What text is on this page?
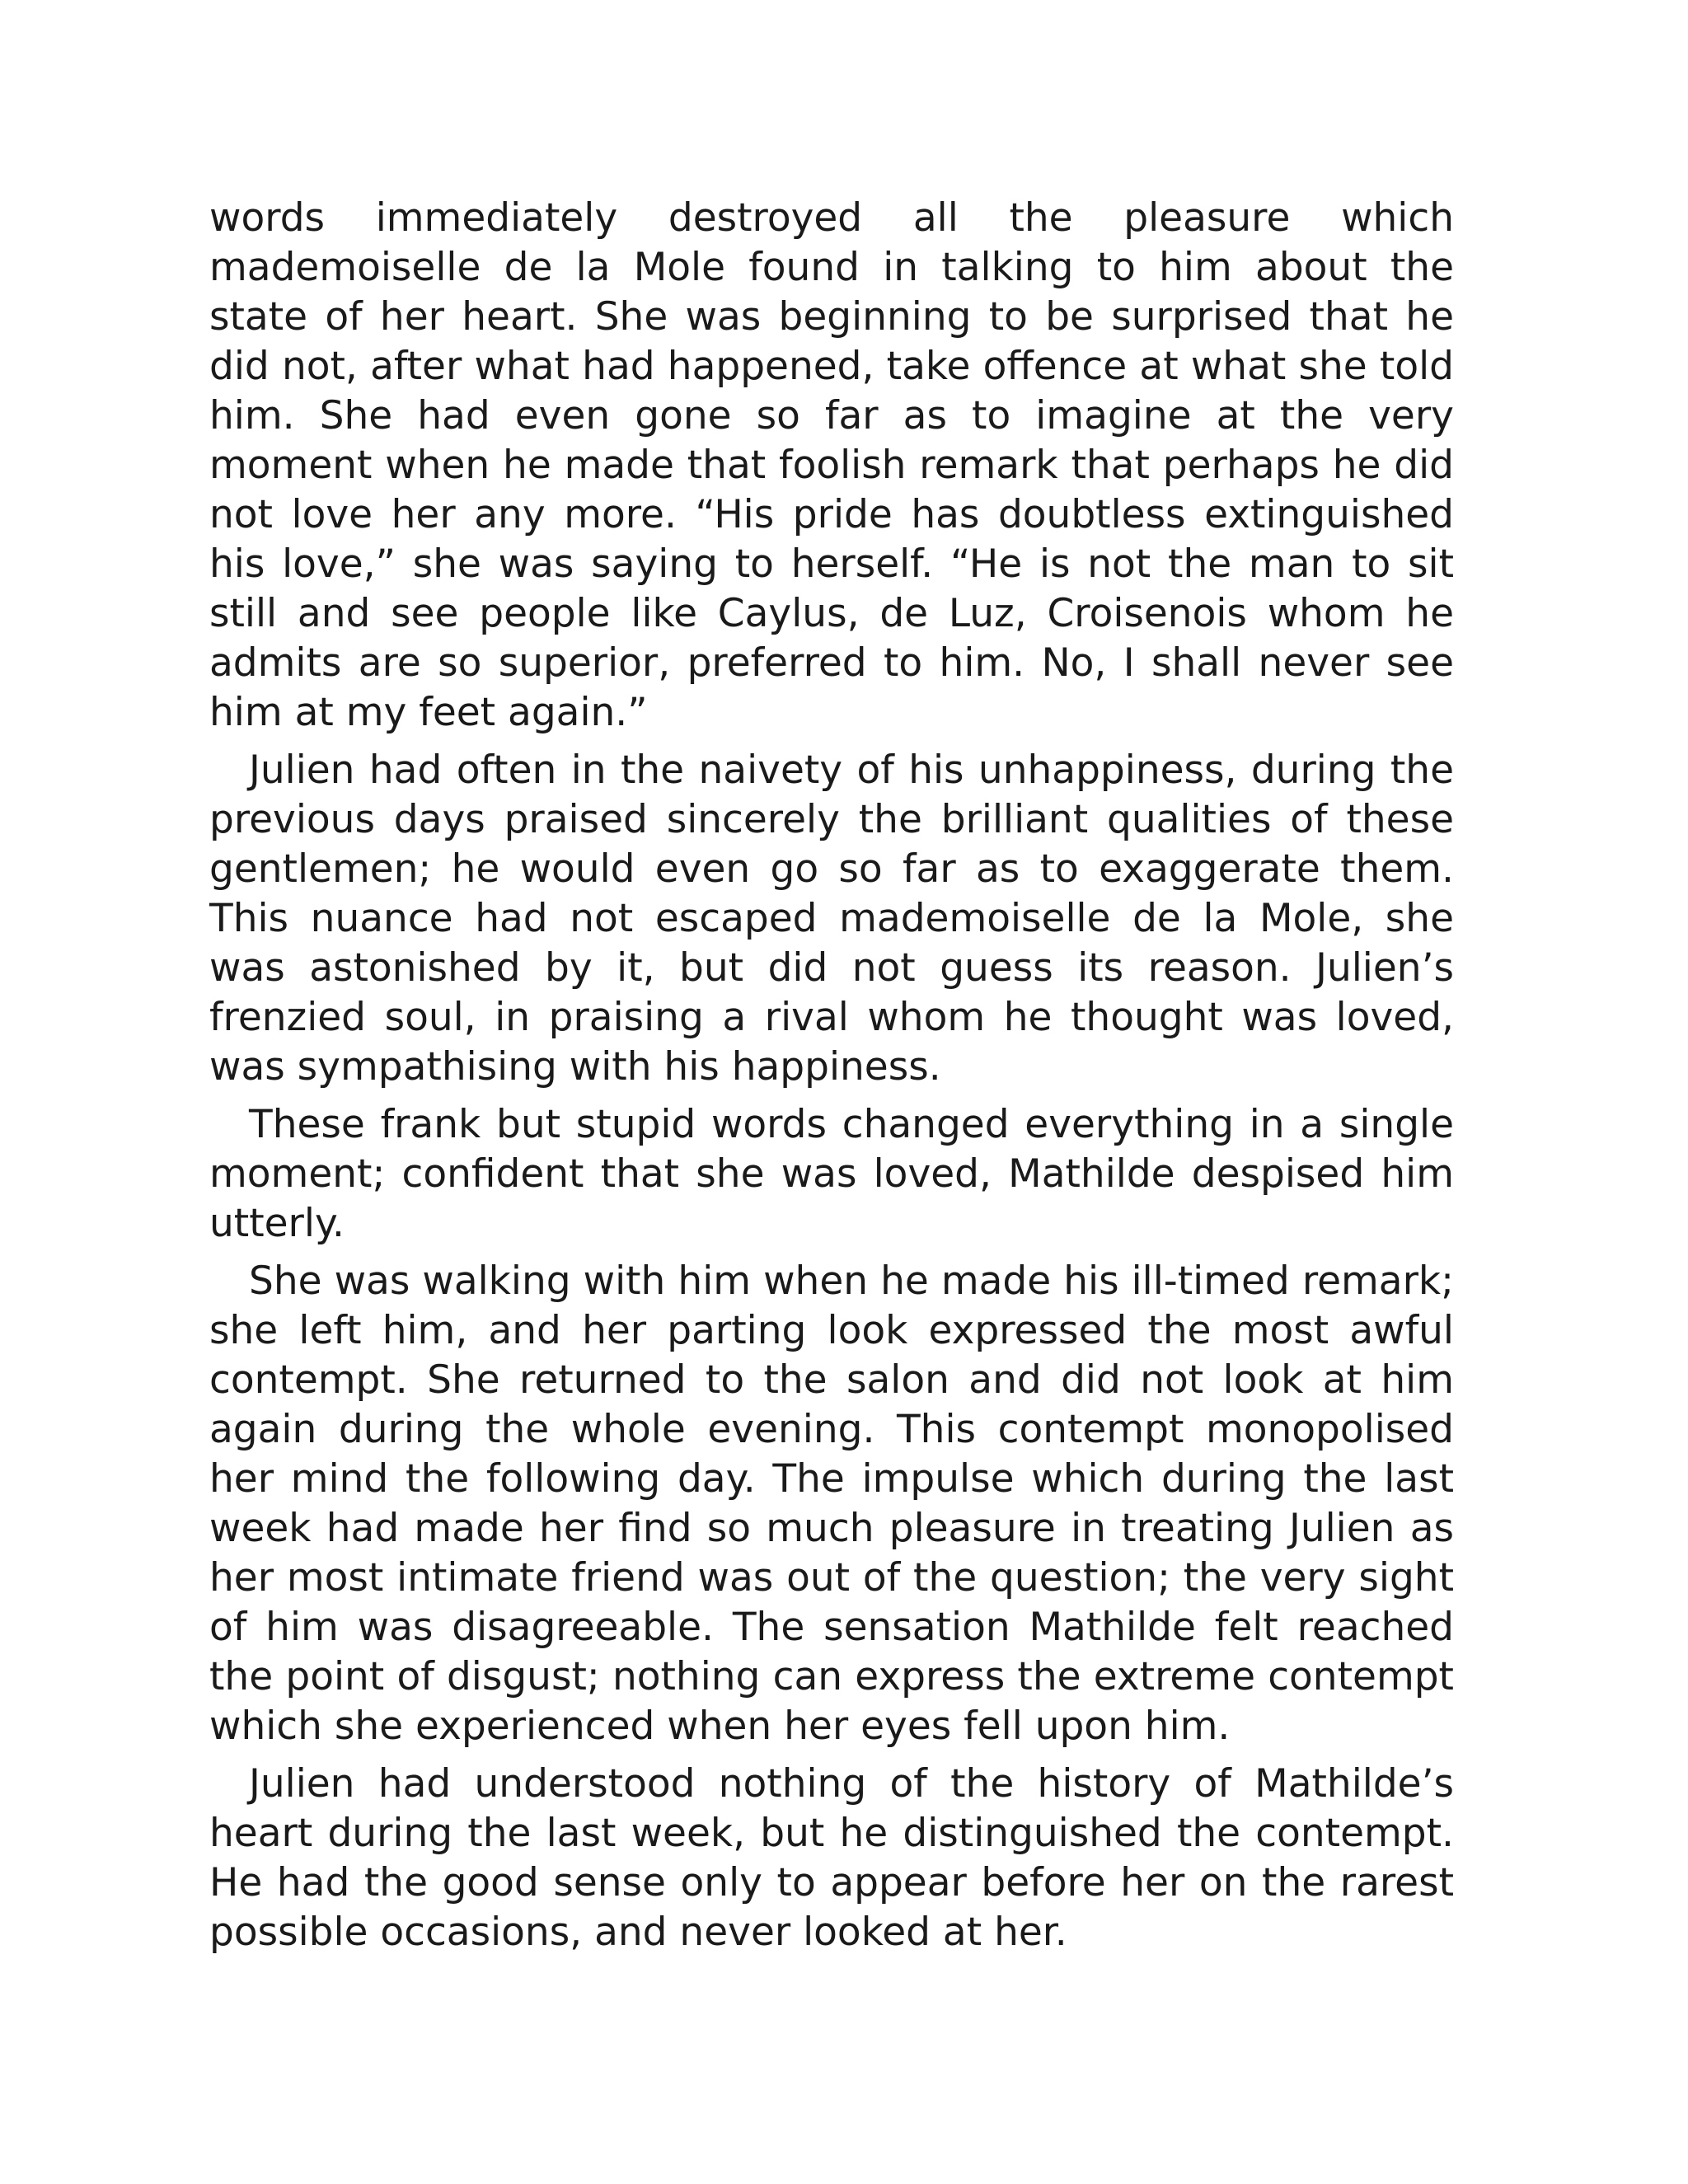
words immediately destroyed all the pleasure which mademoiselle de la Mole found in talking to him about the state of her heart. She was beginning to be surprised that he did not, after what had happened, take offence at what she told him. She had even gone so far as to imagine at the very moment when he made that foolish remark that perhaps he did not love her any more. “His pride has doubtless extinguished his love,” she was saying to herself. “He is not the man to sit still and see people like Caylus, de Luz, Croisenois whom he admits are so superior, preferred to him. No, I shall never see him at my feet again.”

Julien had often in the naivety of his unhappiness, during the previous days praised sincerely the brilliant qualities of these gentlemen; he would even go so far as to exaggerate them. This nuance had not escaped mademoiselle de la Mole, she was astonished by it, but did not guess its reason. Julien’s frenzied soul, in praising a rival whom he thought was loved, was sympathising with his happiness.

These frank but stupid words changed everything in a single moment; confident that she was loved, Mathilde despised him utterly.

She was walking with him when he made his ill-timed remark; she left him, and her parting look expressed the most awful contempt. She returned to the salon and did not look at him again during the whole evening. This contempt monopolised her mind the following day. The impulse which during the last week had made her find so much pleasure in treating Julien as her most intimate friend was out of the question; the very sight of him was disagreeable. The sensation Mathilde felt reached the point of disgust; nothing can express the extreme contempt which she experienced when her eyes fell upon him.

Julien had understood nothing of the history of Mathilde’s heart during the last week, but he distinguished the contempt. He had the good sense only to appear before her on the rarest possible occasions, and never looked at her.
